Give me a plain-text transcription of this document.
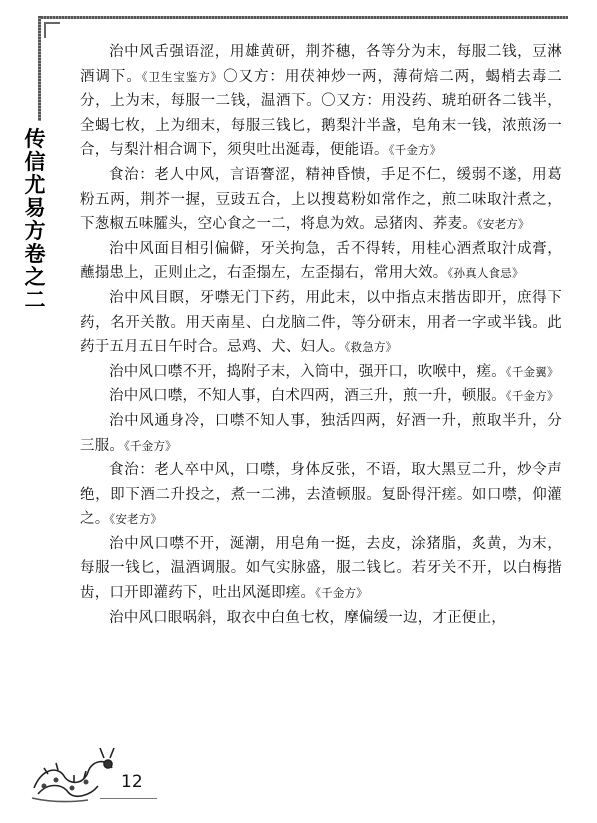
传信尤易方卷之二

治中风舌强语涩，用雄黄研，荆芥穗，各等分为末，每服二钱，豆淋酒调下。《卫生宝鉴方》〇又方：用茯神炒一两，薄荷焙二两，蝎梢去毒二分，上为末，每服一二钱，温酒下。〇又方：用没药、琥珀研各二钱半，全蝎七枚，上为细末，每服三钱匕，鹅梨汁半盏，皂角末一钱，浓煎汤一合，与梨汁相合调下，须臾吐出涎毒，便能语。《千金方》

食治：老人中风，言语謇涩，精神昏愦，手足不仁，缓弱不遂，用葛粉五两，荆芥一握，豆豉五合，上以搜葛粉如常作之，煎二味取汁煮之，下葱椒五味臛头，空心食之一二，将息为效。忌猪肉、荞麦。《安老方》

治中风面目相引偏僻，牙关拘急，舌不得转，用桂心酒煮取汁成膏，蘸搨患上，正则止之，右歪搨左，左歪搨右，常用大效。《孙真人食忌》

治中风目瞑，牙噤无门下药，用此末，以中指点末揩齿即开，庶得下药，名开关散。用天南星、白龙脑二件，等分研末，用者一字或半钱。此药于五月五日午时合。忌鸡、犬、妇人。《救急方》

治中风口噤不开，捣附子末，入筒中，强开口，吹喉中，瘥。《千金翼》

治中风口噤，不知人事，白术四两，酒三升，煎一升，顿服。《千金方》

治中风通身冷，口噤不知人事，独活四两，好酒一升，煎取半升，分三服。《千金方》

食治：老人卒中风，口噤，身体反张，不语，取大黑豆二升，炒令声绝，即下酒二升投之，煮一二沸，去渣顿服。复卧得汗瘥。如口噤，仰灌之。《安老方》

治中风口噤不开，涎潮，用皂角一挺，去皮，涂猪脂，炙黄，为末，每服一钱匕，温酒调服。如气实脉盛，服二钱匕。若牙关不开，以白梅揩齿，口开即灌药下，吐出风涎即瘥。《千金方》

治中风口眼㖞斜，取衣中白鱼七枚，摩偏缓一边，才正便止，

12
